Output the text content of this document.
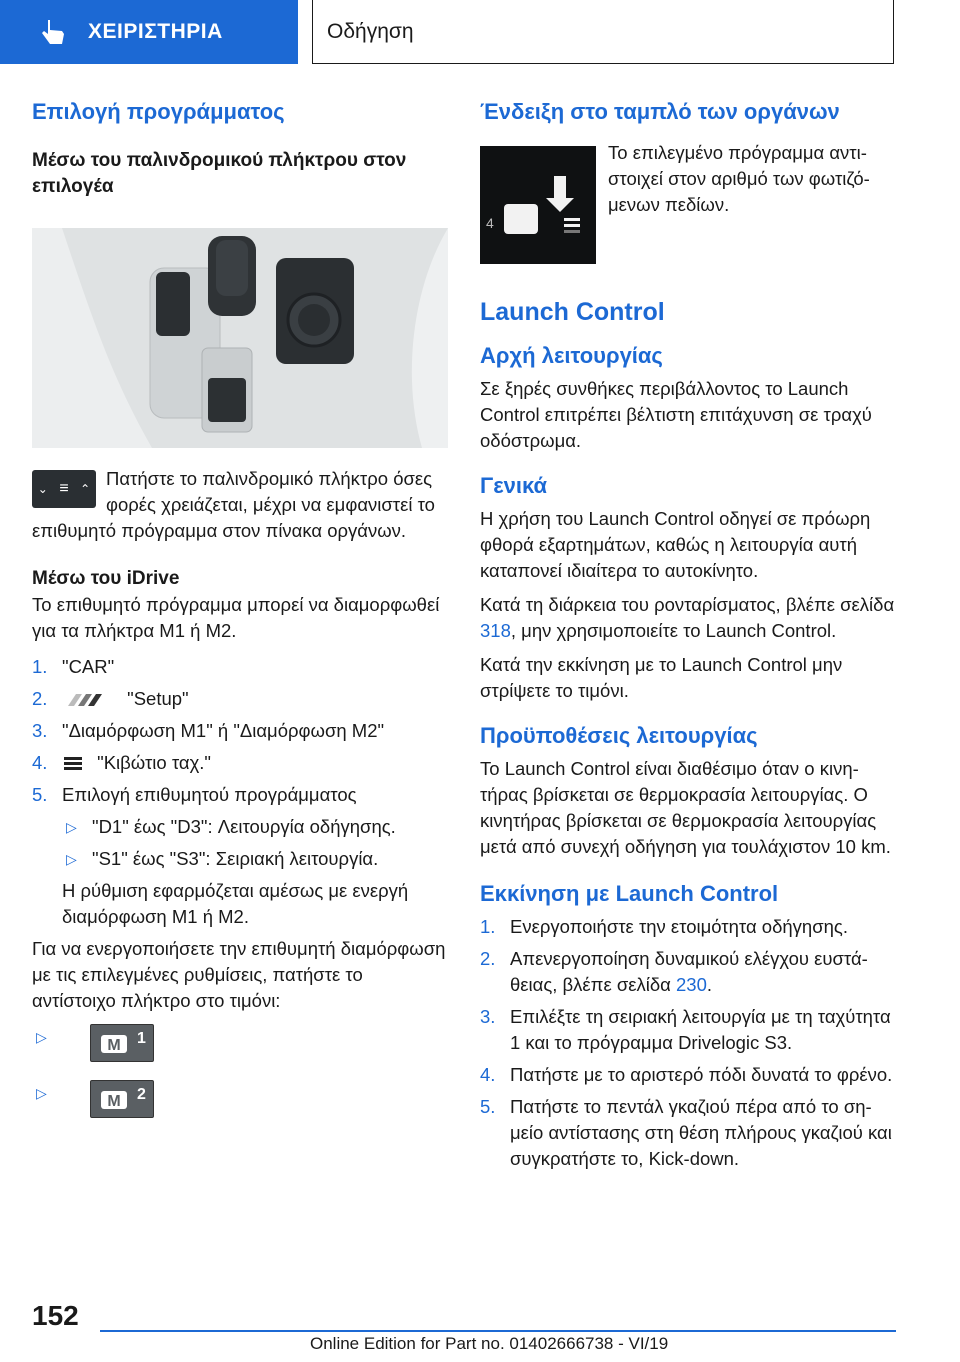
ΧΕΙΡΙΣΤΗΡΙΑ	Οδήγηση
Επιλογή προγράμματος
Μέσω του παλινδρομικού πλήκτρου στον επιλογέα
⌄ ≡ ⌃ Πατήστε το παλινδρομικό πλήκτρο όσες φορές χρειάζεται, μέχρι να εμφανιστεί το επιθυμητό πρόγραμμα στον πίνακα οργάνων.

Μέσω του iDrive

Το επιθυμητό πρόγραμμα μπορεί να διαμορφωθεί για τα πλήκτρα M1 ή M2.

1. "CAR"
2.	"Setup"
3. "Διαμόρφωση M1" ή "Διαμόρφωση M2"
4.	"Κιβώτιο ταχ."
5. Επιλογή επιθυμητού προγράμματος
▷ "D1" έως "D3": Λειτουργία οδήγησης.
▷ "S1" έως "S3": Σειριακή λειτουργία.

Η ρύθμιση εφαρμόζεται αμέσως με ενεργή διαμόρφωση M1 ή M2.

Για να ενεργοποιήσετε την επιθυμητή διαμόρφωση με τις επιλεγμένες ρυθμίσεις, πατήστε το αντίστοιχο πλήκτρο στο τιμόνι:

▷	M 1
▷	M 2
Ένδειξη στο ταμπλό των οργάνων
4

Το επιλεγμένο πρόγραμμα αντιστοιχεί στον αριθμό των φωτιζόμενων πεδίων.

Launch Control
Αρχή λειτουργίας

Σε ξηρές συνθήκες περιβάλλοντος το Launch Control επιτρέπει βέλτιστη επιτάχυνση σε τραχύ οδόστρωμα.

Γενικά

Η χρήση του Launch Control οδηγεί σε πρόωρη φθορά εξαρτημάτων, καθώς η λειτουργία αυτή καταπονεί ιδιαίτερα το αυτοκίνητο.

Κατά τη διάρκεια του ρονταρίσματος, βλέπε σελίδα 318, μην χρησιμοποιείτε το Launch Control.

Κατά την εκκίνηση με το Launch Control μην στρίψετε το τιμόνι.

Προϋποθέσεις λειτουργίας

Το Launch Control είναι διαθέσιμο όταν ο κινητήρας βρίσκεται σε θερμοκρασία λειτουργίας. Ο κινητήρας βρίσκεται σε θερμοκρασία λειτουργίας μετά από συνεχή οδήγηση για τουλάχιστον 10 km.

Εκκίνηση με Launch Control
1. Ενεργοποιήστε την ετοιμότητα οδήγησης.
2. Απενεργοποίηση δυναμικού ελέγχου ευστάθειας, βλέπε σελίδα 230.
3. Επιλέξτε τη σειριακή λειτουργία με τη ταχύτητα 1 και το πρόγραμμα Drivelogic S3.
4. Πατήστε με το αριστερό πόδι δυνατά το φρένο.
5. Πατήστε το πεντάλ γκαζιού πέρα από το σημείο αντίστασης στη θέση πλήρους γκαζιού και συγκρατήστε το, Kick-down.
152
Online Edition for Part no. 01402666738 - VI/19
